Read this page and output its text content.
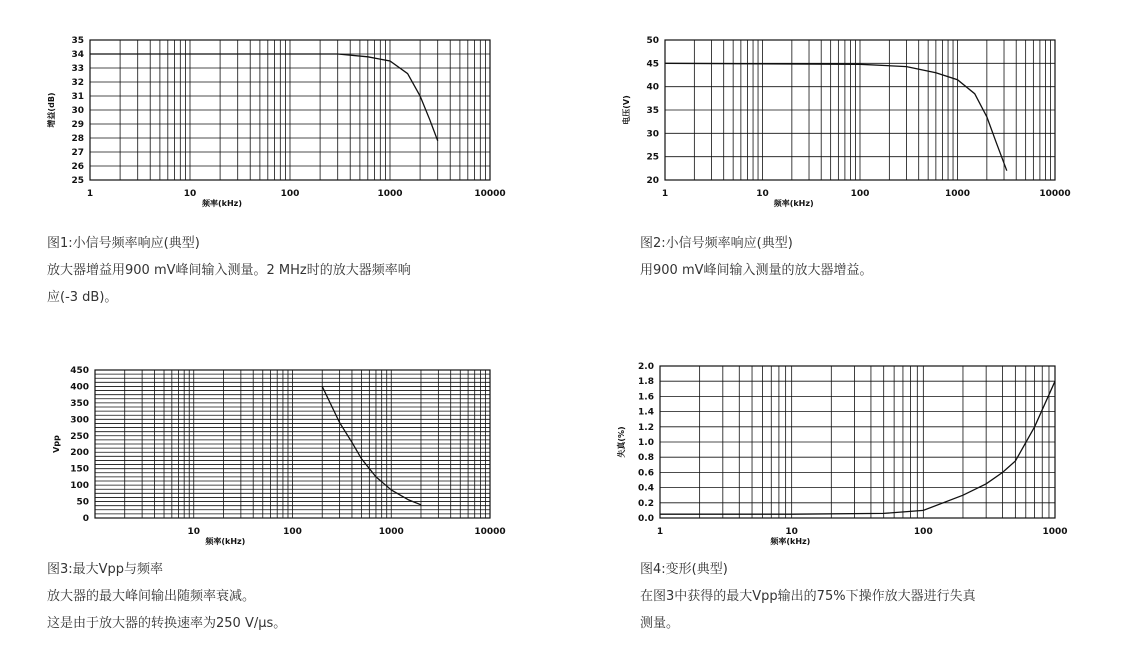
25
26
27
28
29
30
31
32
33
34
35
1	10	100	1000	10000
频率(kHz)
增益(dB)
图1:小信号频率响应(典型)
放大器增益用900 mV峰间输入测量。2 MHz时的放大器频率响
应(-3 dB)。
20
25
30
35
40
45
50
1	10	100	1000	10000
频率(kHz)
电压(V)
图2:小信号频率响应(典型)
用900 mV峰间输入测量的放大器增益。
0
50
100
150
200
250
300
350
400
450
10	100	1000	10000
频率(kHz)
Vpp
图3:最大Vpp与频率
放大器的最大峰间输出随频率衰减。
这是由于放大器的转换速率为250 V/μs。
0.0
0.2
0.4
0.6
0.8
1.0
1.2
1.4
1.6
1.8
2.0
1	10	100	1000
频率(kHz)
失真(%)
图4:变形(典型)
在图3中获得的最大Vpp输出的75%下操作放大器进行失真
测量。
